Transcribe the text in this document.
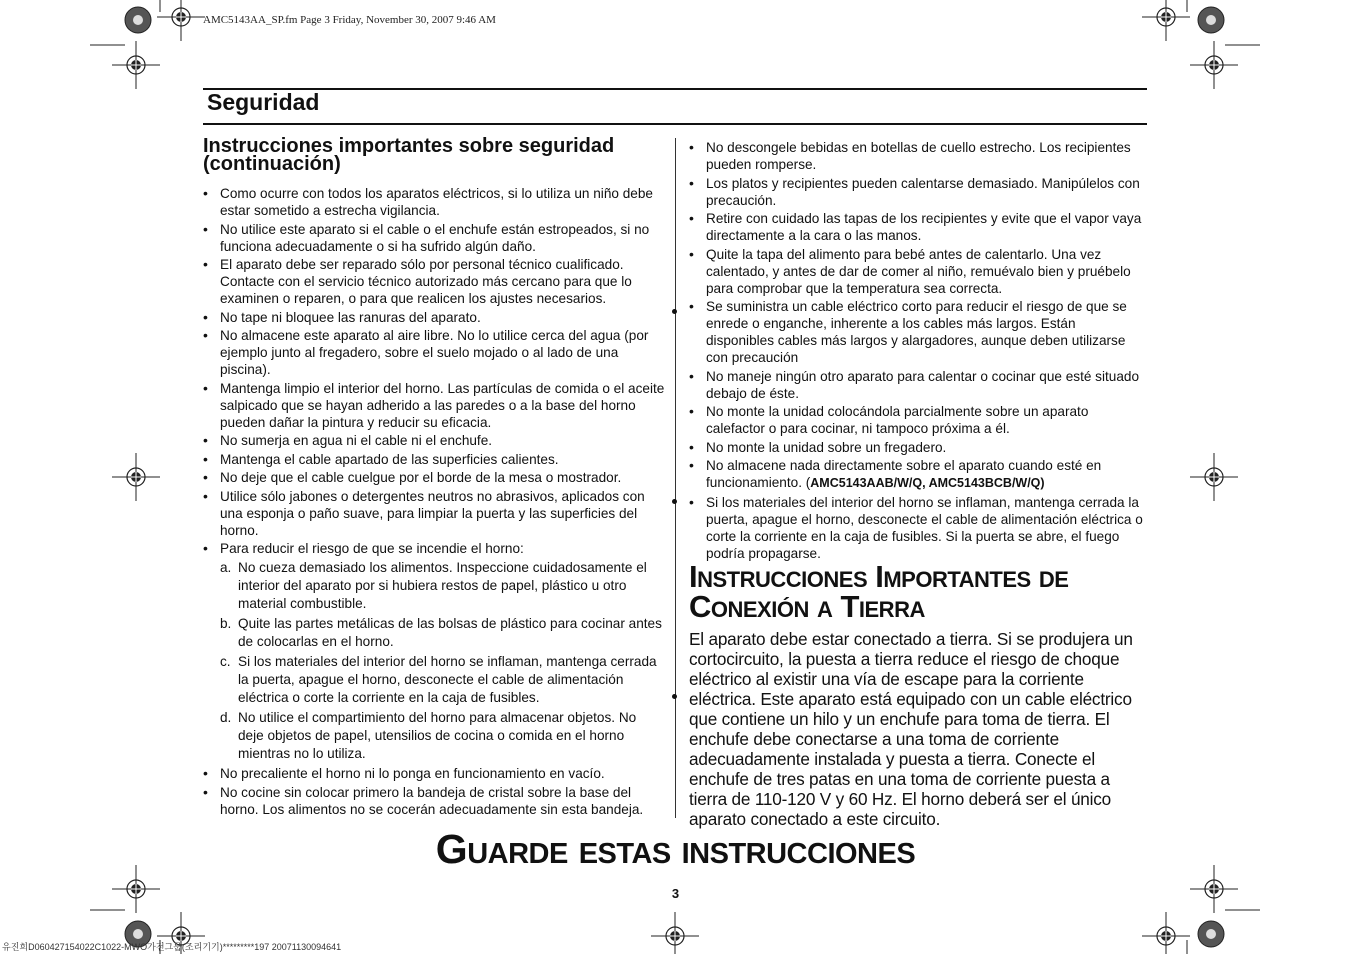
AMC5143AA_SP.fm Page 3 Friday, November 30, 2007 9:46 AM
Seguridad
Instrucciones importantes sobre seguridad (continuación)
• Como ocurre con todos los aparatos eléctricos, si lo utiliza un niño debe estar sometido a estrecha vigilancia.
• No utilice este aparato si el cable o el enchufe están estropeados, si no funciona adecuadamente o si ha sufrido algún daño.
• El aparato debe ser reparado sólo por personal técnico cualificado. Contacte con el servicio técnico autorizado más cercano para que lo examinen o reparen, o para que realicen los ajustes necesarios.
• No tape ni bloquee las ranuras del aparato.
• No almacene este aparato al aire libre. No lo utilice cerca del agua (por ejemplo junto al fregadero, sobre el suelo mojado o al lado de una piscina).
• Mantenga limpio el interior del horno. Las partículas de comida o el aceite salpicado que se hayan adherido a las paredes o a la base del horno pueden dañar la pintura y reducir su eficacia.
• No sumerja en agua ni el cable ni el enchufe.
• Mantenga el cable apartado de las superficies calientes.
• No deje que el cable cuelgue por el borde de la mesa o mostrador.
• Utilice sólo jabones o detergentes neutros no abrasivos, aplicados con una esponja o paño suave, para limpiar la puerta y las superficies del horno.
• Para reducir el riesgo de que se incendie el horno:
a. No cueza demasiado los alimentos. Inspeccione cuidadosamente el interior del aparato por si hubiera restos de papel, plástico u otro material combustible.
b. Quite las partes metálicas de las bolsas de plástico para cocinar antes de colocarlas en el horno.
c. Si los materiales del interior del horno se inflaman, mantenga cerrada la puerta, apague el horno, desconecte el cable de alimentación eléctrica o corte la corriente en la caja de fusibles.
d. No utilice el compartimiento del horno para almacenar objetos. No deje objetos de papel, utensilios de cocina o comida en el horno mientras no lo utiliza.
• No precaliente el horno ni lo ponga en funcionamiento en vacío.
• No cocine sin colocar primero la bandeja de cristal sobre la base del horno. Los alimentos no se cocerán adecuadamente sin esta bandeja.
• No descongele bebidas en botellas de cuello estrecho. Los recipientes pueden romperse.
• Los platos y recipientes pueden calentarse demasiado. Manipúlelos con precaución.
• Retire con cuidado las tapas de los recipientes y evite que el vapor vaya directamente a la cara o las manos.
• Quite la tapa del alimento para bebé antes de calentarlo. Una vez calentado, y antes de dar de comer al niño, remuévalo bien y pruébelo para comprobar que la temperatura sea correcta.
• Se suministra un cable eléctrico corto para reducir el riesgo de que se enrede o enganche, inherente a los cables más largos. Están disponibles cables más largos y alargadores, aunque deben utilizarse con precaución
• No maneje ningún otro aparato para calentar o cocinar que esté situado debajo de éste.
• No monte la unidad colocándola parcialmente sobre un aparato calefactor o para cocinar, ni tampoco próxima a él.
• No monte la unidad sobre un fregadero.
• No almacene nada directamente sobre el aparato cuando esté en funcionamiento. (AMC5143AAB/W/Q, AMC5143BCB/W/Q)
• Si los materiales del interior del horno se inflaman, mantenga cerrada la puerta, apague el horno, desconecte el cable de alimentación eléctrica o corte la corriente en la caja de fusibles. Si la puerta se abre, el fuego podría propagarse.
Instrucciones Importantes de
Conexión a Tierra

El aparato debe estar conectado a tierra. Si se produjera un cortocircuito, la puesta a tierra reduce el riesgo de choque eléctrico al existir una vía de escape para la corriente eléctrica. Este aparato está equipado con un cable eléctrico que contiene un hilo y un enchufe para toma de tierra. El enchufe debe conectarse a una toma de corriente adecuadamente instalada y puesta a tierra. Conecte el enchufe de tres patas en una toma de corriente puesta a tierra de 110-120 V y 60 Hz. El horno deberá ser el único aparato conectado a este circuito.

Guarde estas instrucciones
3
유진희D060427154022C1022-MWO가전그룹(조리기기)*********197 20071130094641
